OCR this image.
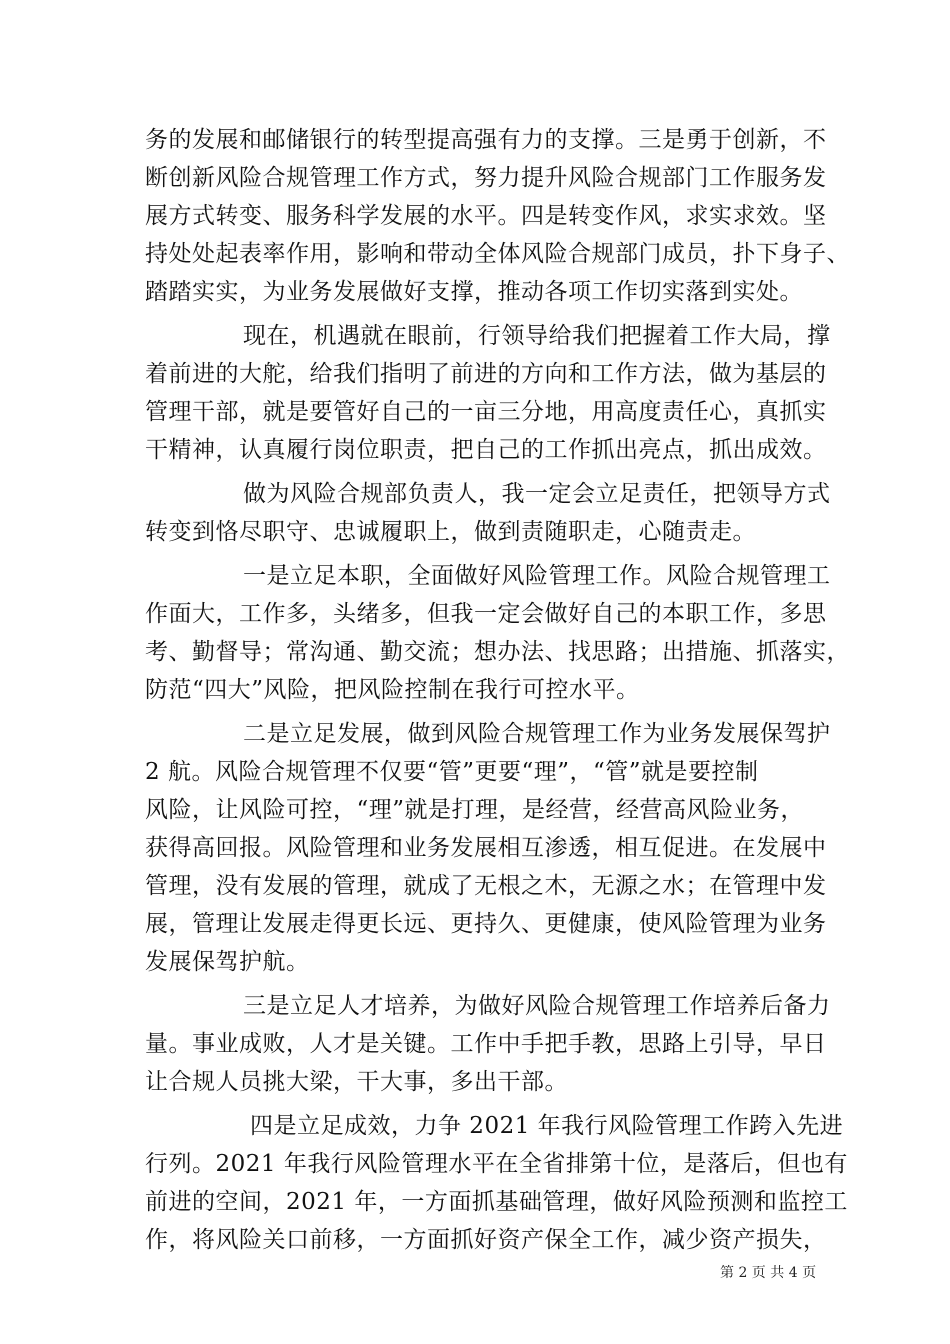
务的发展和邮储银行的转型提高强有力的支撑。三是勇于创新，不
断创新风险合规管理工作方式，努力提升风险合规部门工作服务发
展方式转变、服务科学发展的水平。四是转变作风，求实求效。坚
持处处起表率作用，影响和带动全体风险合规部门成员，扑下身子、
踏踏实实，为业务发展做好支撑，推动各项工作切实落到实处。
现在，机遇就在眼前，行领导给我们把握着工作大局，撑
着前进的大舵，给我们指明了前进的方向和工作方法，做为基层的
管理干部，就是要管好自己的一亩三分地，用高度责任心，真抓实
干精神，认真履行岗位职责，把自己的工作抓出亮点，抓出成效。
做为风险合规部负责人，我一定会立足责任，把领导方式
转变到恪尽职守、忠诚履职上，做到责随职走，心随责走。
一是立足本职，全面做好风险管理工作。风险合规管理工
作面大，工作多，头绪多，但我一定会做好自己的本职工作，多思
考、勤督导；常沟通、勤交流；想办法、找思路；出措施、抓落实，
防范“四大”风险，把风险控制在我行可控水平。
二是立足发展，做到风险合规管理工作为业务发展保驾护
2 航。风险合规管理不仅要“管”更要“理”，“管”就是要控制
风险，让风险可控，“理”就是打理，是经营，经营高风险业务，
获得高回报。风险管理和业务发展相互渗透，相互促进。在发展中
管理，没有发展的管理，就成了无根之木，无源之水；在管理中发
展，管理让发展走得更长远、更持久、更健康，使风险管理为业务
发展保驾护航。
三是立足人才培养，为做好风险合规管理工作培养后备力
量。事业成败，人才是关键。工作中手把手教，思路上引导，早日
让合规人员挑大梁，干大事，多出干部。
四是立足成效，力争 2021 年我行风险管理工作跨入先进
行列。2021 年我行风险管理水平在全省排第十位，是落后，但也有
前进的空间，2021 年，一方面抓基础管理，做好风险预测和监控工
作，将风险关口前移，一方面抓好资产保全工作，减少资产损失，
第 2 页 共 4 页
